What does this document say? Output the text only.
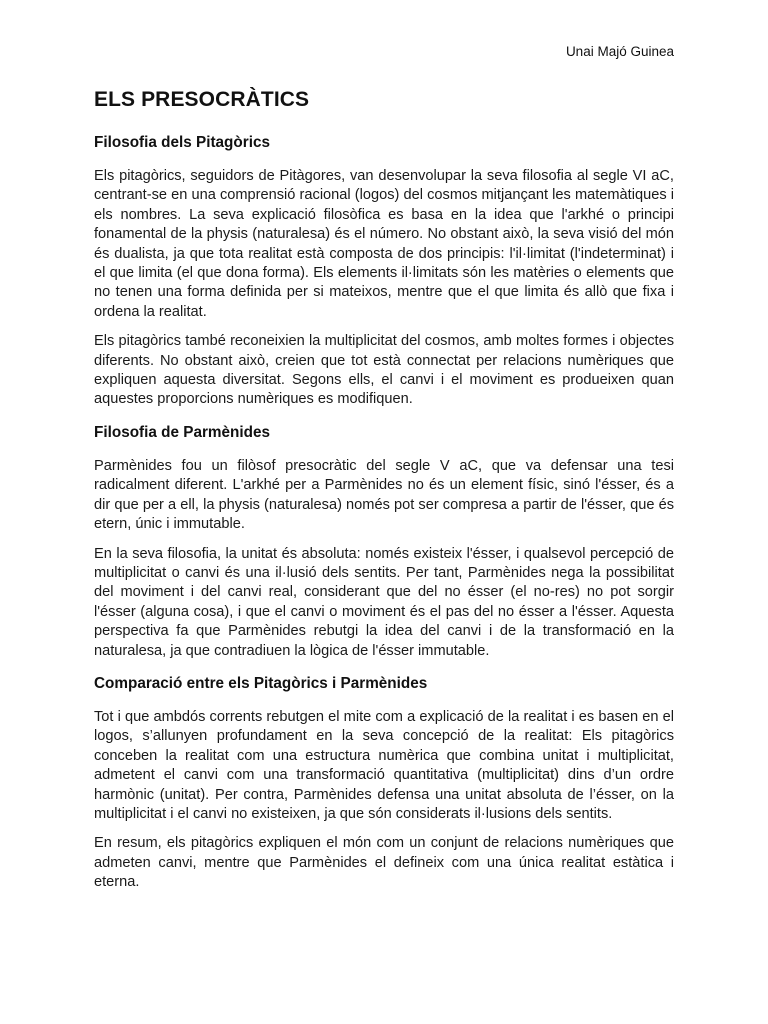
Unai Majó Guinea
ELS PRESOCRÀTICS
Filosofia dels Pitagòrics

Els pitagòrics, seguidors de Pitàgores, van desenvolupar la seva filosofia al segle VI aC, centrant-se en una comprensió racional (logos) del cosmos mitjançant les matemàtiques i els nombres. La seva explicació filosòfica es basa en la idea que l'arkhé o principi fonamental de la physis (naturalesa) és el número. No obstant això, la seva visió del món és dualista, ja que tota realitat està composta de dos principis: l'il·limitat (l'indeterminat) i el que limita (el que dona forma). Els elements il·limitats són les matèries o elements que no tenen una forma definida per si mateixos, mentre que el que limita és allò que fixa i ordena la realitat.

Els pitagòrics també reconeixien la multiplicitat del cosmos, amb moltes formes i objectes diferents. No obstant això, creien que tot està connectat per relacions numèriques que expliquen aquesta diversitat. Segons ells, el canvi i el moviment es produeixen quan aquestes proporcions numèriques es modifiquen.

Filosofia de Parmènides

Parmènides fou un filòsof presocràtic del segle V aC, que va defensar una tesi radicalment diferent. L'arkhé per a Parmènides no és un element físic, sinó l'ésser, és a dir que per a ell, la physis (naturalesa) només pot ser compresa a partir de l'ésser, que és etern, únic i immutable.

En la seva filosofia, la unitat és absoluta: només existeix l'ésser, i qualsevol percepció de multiplicitat o canvi és una il·lusió dels sentits. Per tant, Parmènides nega la possibilitat del moviment i del canvi real, considerant que del no ésser (el no-res) no pot sorgir l'ésser (alguna cosa), i que el canvi o moviment és el pas del no ésser a l'ésser. Aquesta perspectiva fa que Parmènides rebutgi la idea del canvi i de la transformació en la naturalesa, ja que contradiuen la lògica de l'ésser immutable.

Comparació entre els Pitagòrics i Parmènides

Tot i que ambdós corrents rebutgen el mite com a explicació de la realitat i es basen en el logos, s’allunyen profundament en la seva concepció de la realitat: Els pitagòrics conceben la realitat com una estructura numèrica que combina unitat i multiplicitat, admetent el canvi com una transformació quantitativa (multiplicitat) dins d’un ordre harmònic (unitat). Per contra, Parmènides defensa una unitat absoluta de l’ésser, on la multiplicitat i el canvi no existeixen, ja que són considerats il·lusions dels sentits.

En resum, els pitagòrics expliquen el món com un conjunt de relacions numèriques que admeten canvi, mentre que Parmènides el defineix com una única realitat estàtica i eterna.
